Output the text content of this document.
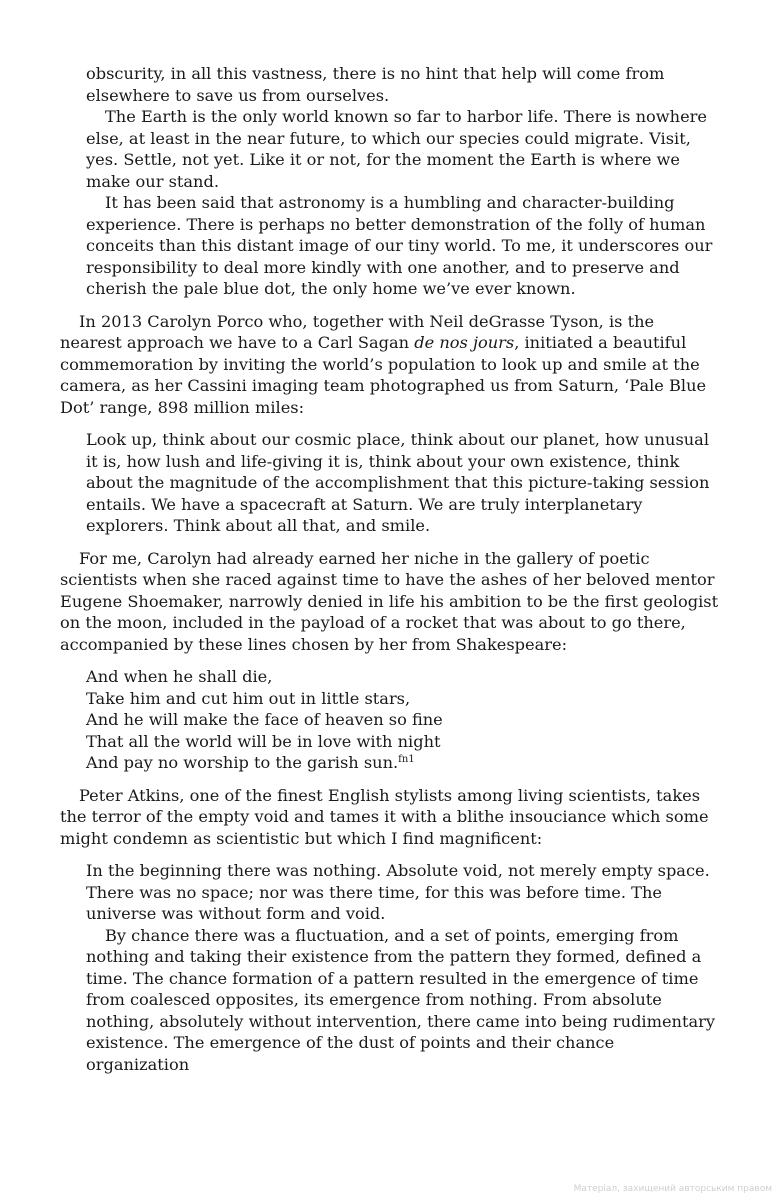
obscurity, in all this vastness, there is no hint that help will come from elsewhere to save us from ourselves.

The Earth is the only world known so far to harbor life. There is nowhere else, at least in the near future, to which our species could migrate. Visit, yes. Settle, not yet. Like it or not, for the moment the Earth is where we make our stand.

It has been said that astronomy is a humbling and character-building experience. There is perhaps no better demonstration of the folly of human conceits than this distant image of our tiny world. To me, it underscores our responsibility to deal more kindly with one another, and to preserve and cherish the pale blue dot, the only home we’ve ever known.

In 2013 Carolyn Porco who, together with Neil deGrasse Tyson, is the nearest approach we have to a Carl Sagan de nos jours, initiated a beautiful commemoration by inviting the world’s population to look up and smile at the camera, as her Cassini imaging team photographed us from Saturn, ‘Pale Blue Dot’ range, 898 million miles:

Look up, think about our cosmic place, think about our planet, how unusual it is, how lush and life-giving it is, think about your own existence, think about the magnitude of the accomplishment that this picture-taking session entails. We have a spacecraft at Saturn. We are truly interplanetary explorers. Think about all that, and smile.

For me, Carolyn had already earned her niche in the gallery of poetic scientists when she raced against time to have the ashes of her beloved mentor Eugene Shoemaker, narrowly denied in life his ambition to be the first geologist on the moon, included in the payload of a rocket that was about to go there, accompanied by these lines chosen by her from Shakespeare:

And when he shall die,

Take him and cut him out in little stars,

And he will make the face of heaven so fine

That all the world will be in love with night

And pay no worship to the garish sun.$^{fn1}$

Peter Atkins, one of the finest English stylists among living scientists, takes the terror of the empty void and tames it with a blithe insouciance which some might condemn as scientistic but which I find magnificent:

In the beginning there was nothing. Absolute void, not merely empty space. There was no space; nor was there time, for this was before time. The universe was without form and void.

By chance there was a fluctuation, and a set of points, emerging from nothing and taking their existence from the pattern they formed, defined a time. The chance formation of a pattern resulted in the emergence of time from coalesced opposites, its emergence from nothing. From absolute nothing, absolutely without intervention, there came into being rudimentary existence. The emergence of the dust of points and their chance organization

Матеріал, захищений авторським правом
